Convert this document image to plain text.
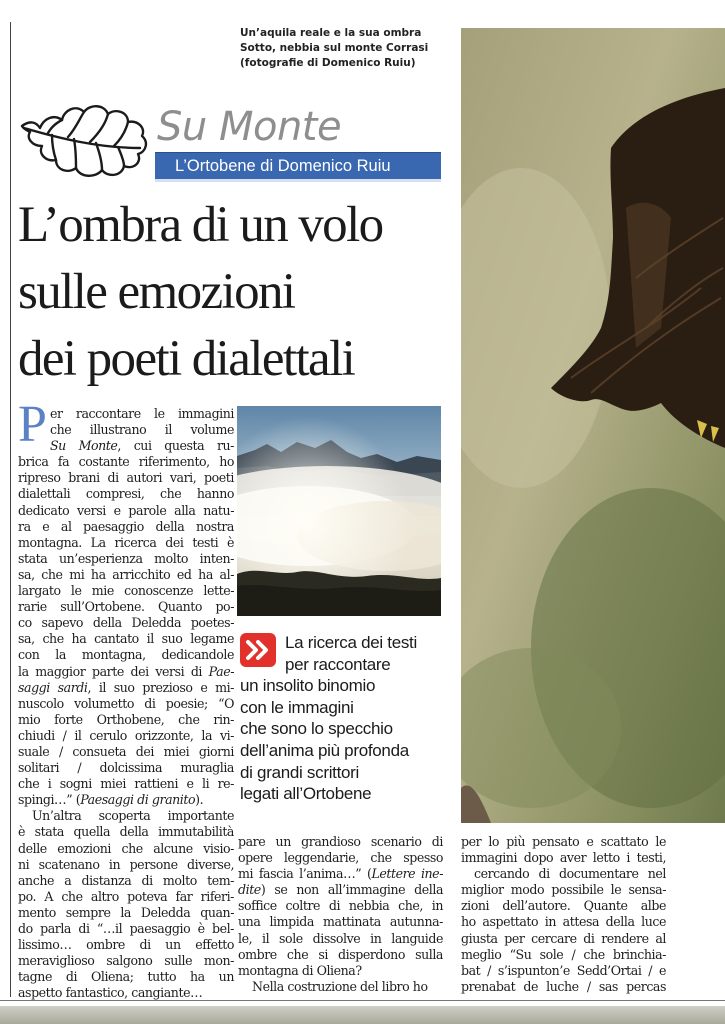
Un’aquila reale e la sua ombra
Sotto, nebbia sul monte Corrasi
(fotografie di Domenico Ruiu)
Su Monte
L’Ortobene di Domenico Ruiu
L’ombra di un volo
sulle emozioni
dei poeti dialettali
P er raccontare le immagini
che illustrano il volume
Su Monte, cui questa ru-
brica fa costante riferimento, ho
ripreso brani di autori vari, poeti
dialettali compresi, che hanno
dedicato versi e parole alla natu-
ra e al paesaggio della nostra
montagna. La ricerca dei testi è
stata un’esperienza molto inten-
sa, che mi ha arricchito ed ha al-
largato le mie conoscenze lette-
rarie sull’Ortobene. Quanto po-
co sapevo della Deledda poetes-
sa, che ha cantato il suo legame
con la montagna, dedicandole
la maggior parte dei versi di Pae-
saggi sardi, il suo prezioso e mi-
nuscolo volumetto di poesie; “O
mio forte Orthobene, che rin-
chiudi / il cerulo orizzonte, la vi-
suale / consueta dei miei giorni
solitari / dolcissima muraglia
che i sogni miei rattieni e li re-
spingi…” (Paesaggi di granito).
Un’altra scoperta importante
è stata quella della immutabilità
delle emozioni che alcune visio-
ni scatenano in persone diverse,
anche a distanza di molto tem-
po. A che altro poteva far riferi-
mento sempre la Deledda quan-
do parla di “…il paesaggio è bel-
lissimo… ombre di un effetto
meraviglioso salgono sulle mon-
tagne di Oliena; tutto ha un
aspetto fantastico, cangiante…
La ricerca dei testi
per raccontare
un insolito binomio
con le immagini
che sono lo specchio
dell’anima più profonda
di grandi scrittori
legati all’Ortobene
pare un grandioso scenario di
opere leggendarie, che spesso
mi fascia l’anima…” (Lettere ine-
dite) se non all’immagine della
soffice coltre di nebbia che, in
una limpida mattinata autunna-
le, il sole dissolve in languide
ombre che si disperdono sulla
montagna di Oliena?
Nella costruzione del libro ho
per lo più pensato e scattato le
immagini dopo aver letto i testi,
cercando di documentare nel
miglior modo possibile le sensa-
zioni dell’autore. Quante albe
ho aspettato in attesa della luce
giusta per cercare di rendere al
meglio “Su sole / che brinchia-
bat / s’ispunton’e Sedd’Ortai / e
prenabat de luche / sas percas
